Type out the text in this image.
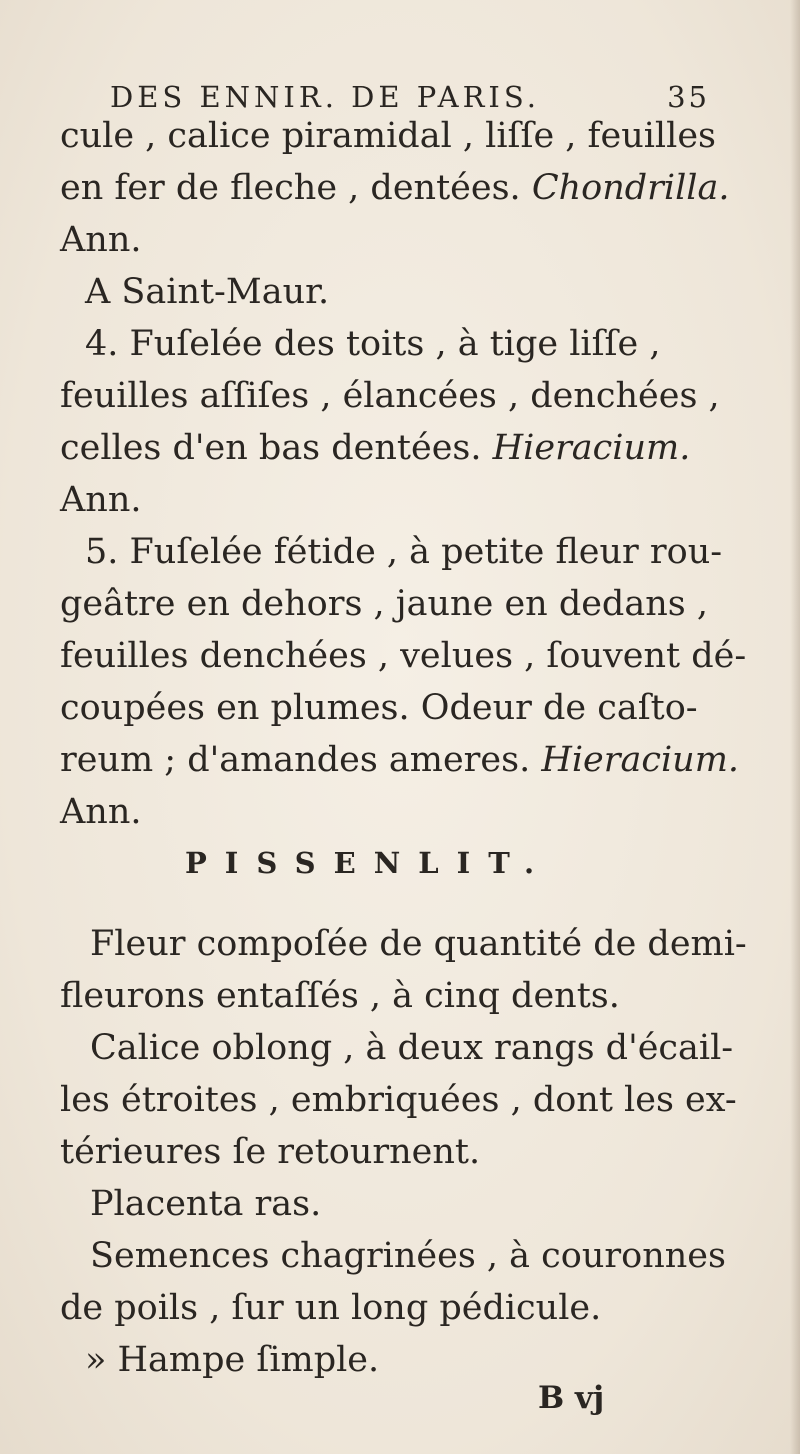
DES ENNIR. DE PARIS.	35
cule , calice piramidal , liſſe , feuilles
en fer de fleche , dentées. Chondrilla.
Ann.
A Saint-Maur.
4. Fuſelée des toits , à tige liſſe ,
feuilles aſſiſes , élancées , denchées ,
celles d'en bas dentées. Hieracium.
Ann.
5. Fuſelée fétide , à petite fleur rou-
geâtre en dehors , jaune en dedans ,
feuilles denchées , velues , ſouvent dé-
coupées en plumes. Odeur de caſto-
reum ; d'amandes ameres. Hieracium.
Ann.
PISSENLIT.
Fleur compoſée de quantité de demi-
fleurons entaſſés , à cinq dents.
Calice oblong , à deux rangs d'écail-
les étroites , embriquées , dont les ex-
térieures ſe retournent.
Placenta ras.
Semences chagrinées , à couronnes
de poils , ſur un long pédicule.
» Hampe ſimple.
B vj
